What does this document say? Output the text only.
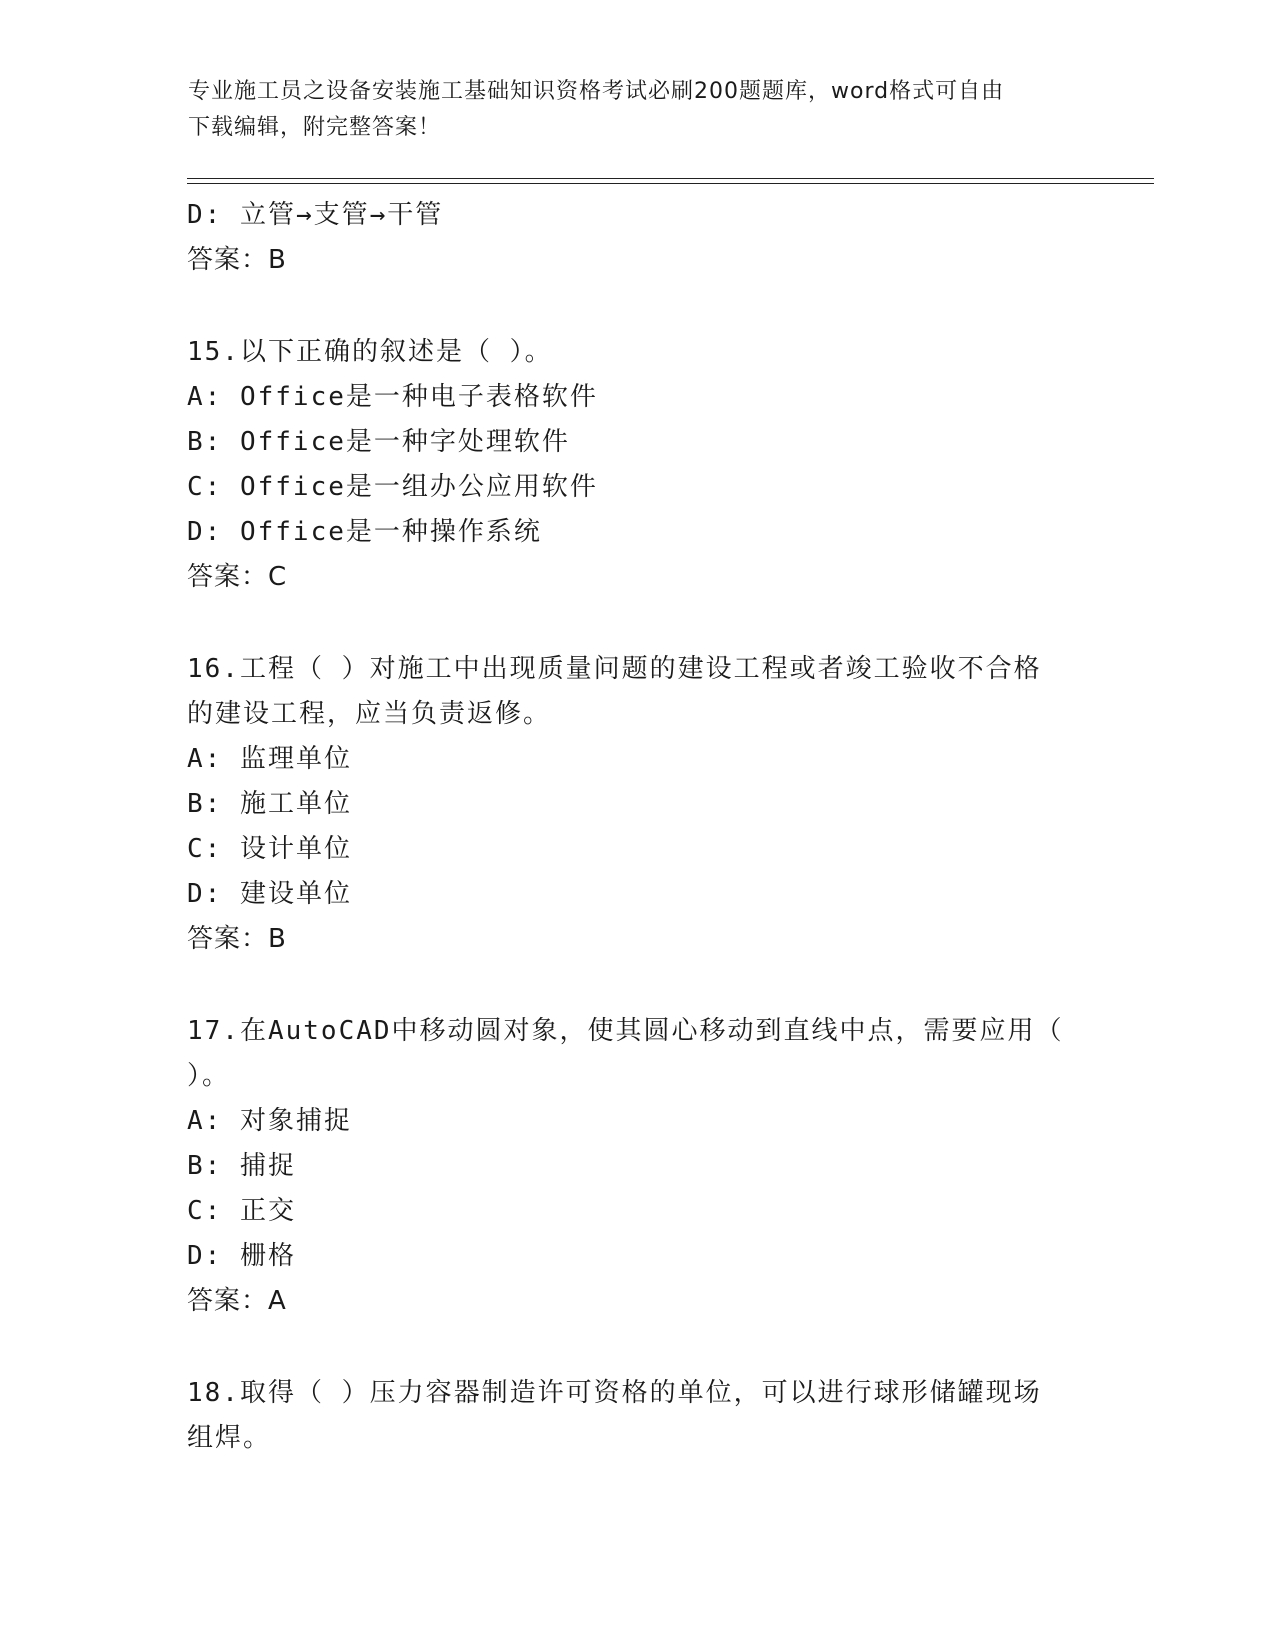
专业施工员之设备安装施工基础知识资格考试必刷200题题库，word格式可自由
下载编辑，附完整答案！
D: 立管→支管→干管
答案：B
15.以下正确的叙述是（ ）。
A: Office是一种电子表格软件
B: Office是一种字处理软件
C: Office是一组办公应用软件
D: Office是一种操作系统
答案：C
16.工程（ ）对施工中出现质量问题的建设工程或者竣工验收不合格
的建设工程，应当负责返修。
A: 监理单位
B: 施工单位
C: 设计单位
D: 建设单位
答案：B
17.在AutoCAD中移动圆对象，使其圆心移动到直线中点，需要应用（
）。
A: 对象捕捉
B: 捕捉
C: 正交
D: 栅格
答案：A
18.取得（ ）压力容器制造许可资格的单位，可以进行球形储罐现场
组焊。
